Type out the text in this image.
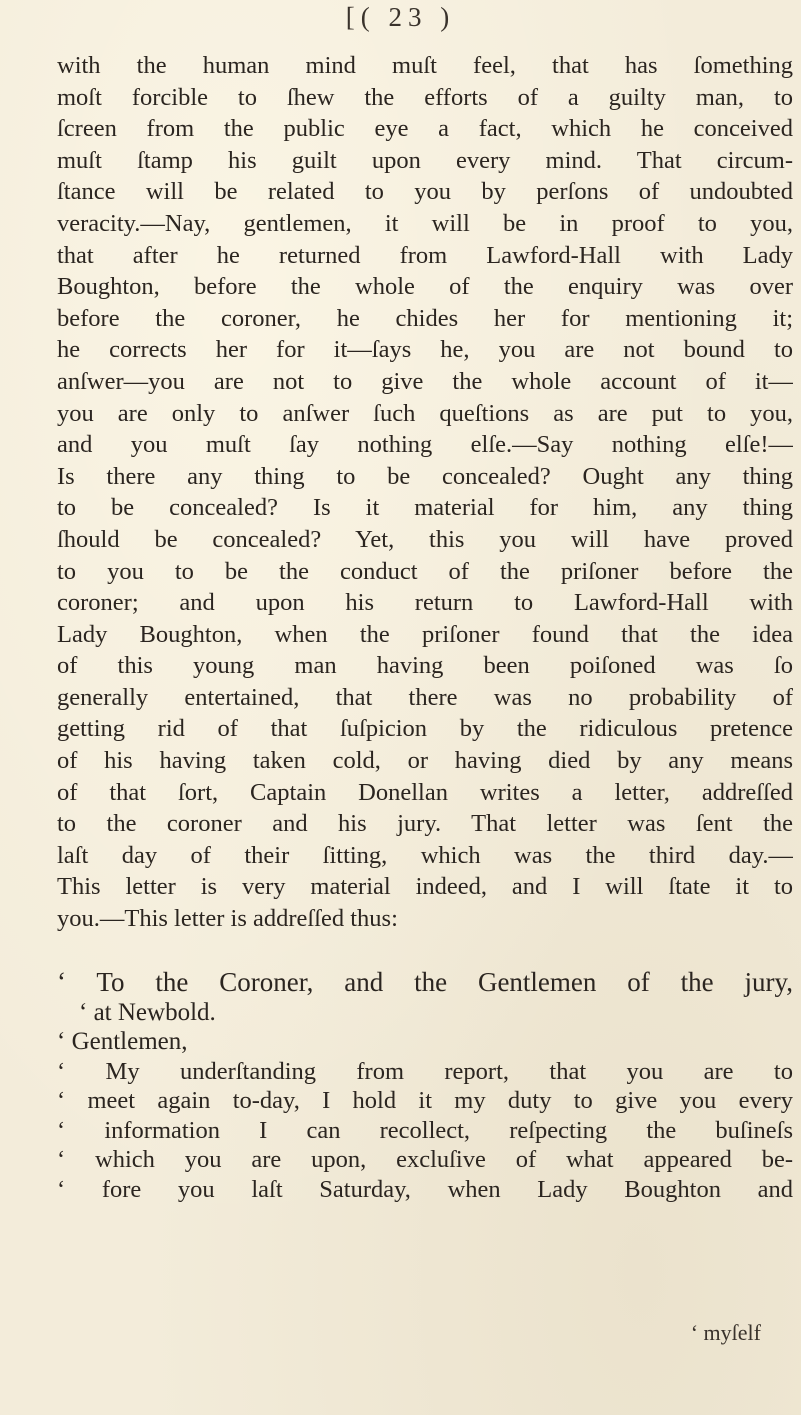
[( 23 )
with the human mind muſt feel, that has ſomething
moſt forcible to ſhew the efforts of a guilty man, to
ſcreen from the public eye a fact, which he conceived
muſt ſtamp his guilt upon every mind. That circum-
ſtance will be related to you by perſons of undoubted
veracity.—Nay, gentlemen, it will be in proof to you,
that after he returned from Lawford-Hall with Lady
Boughton, before the whole of the enquiry was over
before the coroner, he chides her for mentioning it;
he corrects her for it—ſays he, you are not bound to
anſwer—you are not to give the whole account of it—
you are only to anſwer ſuch queſtions as are put to you,
and you muſt ſay nothing elſe.—Say nothing elſe!—
Is there any thing to be concealed? Ought any thing
to be concealed? Is it material for him, any thing
ſhould be concealed? Yet, this you will have proved
to you to be the conduct of the priſoner before the
coroner; and upon his return to Lawford-Hall with
Lady Boughton, when the priſoner found that the idea
of this young man having been poiſoned was ſo
generally entertained, that there was no probability of
getting rid of that ſuſpicion by the ridiculous pretence
of his having taken cold, or having died by any means
of that ſort, Captain Donellan writes a letter, addreſſed
to the coroner and his jury. That letter was ſent the
laſt day of their ſitting, which was the third day.—
This letter is very material indeed, and I will ſtate it to
you.—This letter is addreſſed thus:
‘ To the Coroner, and the Gentlemen of the jury,
‘ at Newbold.
‘ Gentlemen,
‘ My underſtanding from report, that you are to
‘ meet again to-day, I hold it my duty to give you every
‘ information I can recollect, reſpecting the buſineſs
‘ which you are upon, excluſive of what appeared be-
‘ fore you laſt Saturday, when Lady Boughton and
‘ myſelf
